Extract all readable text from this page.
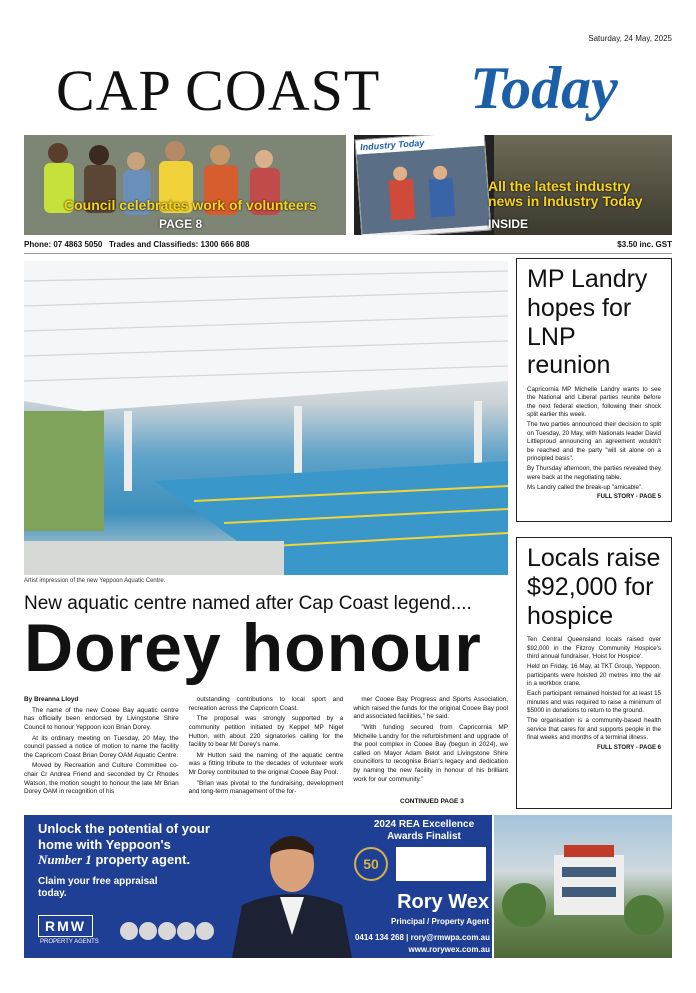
Saturday, 24 May, 2025
CAP COAST Today
Council celebrates work of volunteers
PAGE 8
Industry Today
All the latest industry news in Industry Today
INSIDE
Phone: 07 4863 5050 Trades and Classifieds: 1300 666 808	$3.50 inc. GST
Artist impression of the new Yeppoon Aquatic Centre.
New aquatic centre named after Cap Coast legend....
Dorey honour

By Breanna Lloyd

The name of the new Cooee Bay aquatic centre has officially been endorsed by Livingstone Shire Council to honour Yeppoon icon Brian Dorey.

At its ordinary meeting on Tuesday, 20 May, the council passed a notice of motion to name the facility the Capricorn Coast Brian Dorey OAM Aquatic Centre.

Moved by Recreation and Culture Committee co-chair Cr Andrea Friend and seconded by Cr Rhodes Watson, the motion sought to honour the late Mr Brian Dorey OAM in recognition of his

outstanding contributions to local sport and recreation across the Capricorn Coast.

The proposal was strongly supported by a community petition initiated by Keppel MP Nigel Hutton, with about 220 signatories calling for the facility to bear Mr Dorey's name.

Mr Hutton said the naming of the aquatic centre was a fitting tribute to the decades of volunteer work Mr Dorey contributed to the original Cooee Bay Pool.

"Brian was pivotal to the fundraising, development and long-term management of the for-

mer Cooee Bay Progress and Sports Association, which raised the funds for the original Cooee Bay pool and associated facilities," he said.

"With funding secured from Capricornia MP Michelle Landry for the refurbishment and upgrade of the pool complex in Cooee Bay (begun in 2024), we called on Mayor Adam Belot and Livingstone Shire councillors to recognise Brian's legacy and dedication by naming the new facility in honour of his brilliant work for our community."

CONTINUED PAGE 3
MP Landry hopes for LNP reunion

Capricornia MP Michelle Landry wants to see the National and Liberal parties reunite before the next federal election, following their shock split earlier this week.

The two parties announced their decision to split on Tuesday, 20 May, with Nationals leader David Littleproud announcing an agreement wouldn't be reached and the party "will sit alone on a principled basis".

By Thursday afternoon, the parties revealed they were back at the negotiating table.

Ms Landry called the break-up "amicable".

FULL STORY - PAGE 5
Locals raise $92,000 for hospice

Ten Central Queensland locals raised over $92,000 in the Fitzroy Community Hospice's third annual fundraiser, 'Hoist for Hospice'.

Held on Friday, 16 May, at TKT Group, Yeppoon, participants were hoisted 20 metres into the air in a workbox crane.

Each participant remained hoisted for at least 15 minutes and was required to raise a minimum of $5000 in donations to return to the ground.

The organisation is a community-based health service that cares for and supports people in the final weeks and months of a terminal illness.

FULL STORY - PAGE 6
Unlock the potential of your
home with Yeppoon's
Number 1 property agent.
Claim your free appraisal
today.
RMW
PROPERTY AGENTS
2024 REA Excellence
Awards Finalist
50
Rory Wex
Principal / Property Agent
0414 134 268 | rory@rmwpa.com.au
www.rorywex.com.au
